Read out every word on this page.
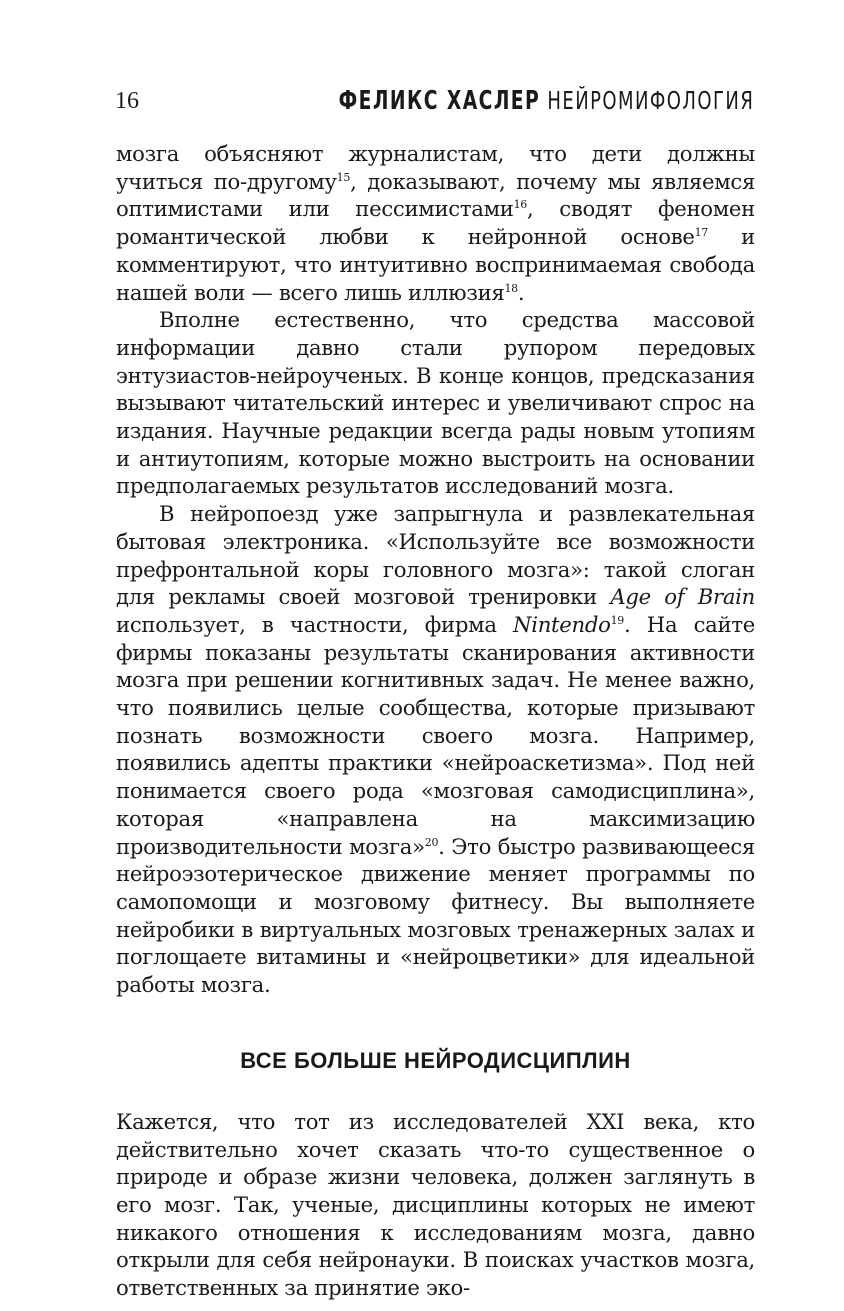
16	ФЕЛИКС ХАСЛЕР НЕЙРОМИФОЛОГИЯ

мозга объясняют журналистам, что дети должны учиться по-другому$^{15}$, доказывают, почему мы являемся оптимистами или пессимистами$^{16}$, сводят феномен романтической любви к нейронной основе$^{17}$ и комментируют, что интуитивно воспринимаемая свобода нашей воли — всего лишь иллюзия$^{18}$.

Вполне естественно, что средства массовой информации давно стали рупором передовых энтузиастов-нейроученых. В конце концов, предсказания вызывают читательский интерес и увеличивают спрос на издания. Научные редакции всегда рады новым утопиям и антиутопиям, которые можно выстроить на основании предполагаемых результатов исследований мозга.

В нейропоезд уже запрыгнула и развлекательная бытовая электроника. «Используйте все возможности префронтальной коры головного мозга»: такой слоган для рекламы своей мозговой тренировки Age of Brain использует, в частности, фирма Nintendo$^{19}$. На сайте фирмы показаны результаты сканирования активности мозга при решении когнитивных задач. Не менее важно, что появились целые сообщества, которые призывают познать возможности своего мозга. Например, появились адепты практики «нейроаскетизма». Под ней понимается своего рода «мозговая самодисциплина», которая «направлена на максимизацию производительности мозга»$^{20}$. Это быстро развивающееся нейроэзотерическое движение меняет программы по самопомощи и мозговому фитнесу. Вы выполняете нейробики в виртуальных мозговых тренажерных залах и поглощаете витамины и «нейроцветики» для идеальной работы мозга.

ВСЕ БОЛЬШЕ НЕЙРОДИСЦИПЛИН

Кажется, что тот из исследователей XXI века, кто действительно хочет сказать что-то существенное о природе и образе жизни человека, должен заглянуть в его мозг. Так, ученые, дисциплины которых не имеют никакого отношения к исследованиям мозга, давно открыли для себя нейронауки. В поисках участков мозга, ответственных за принятие эко-
